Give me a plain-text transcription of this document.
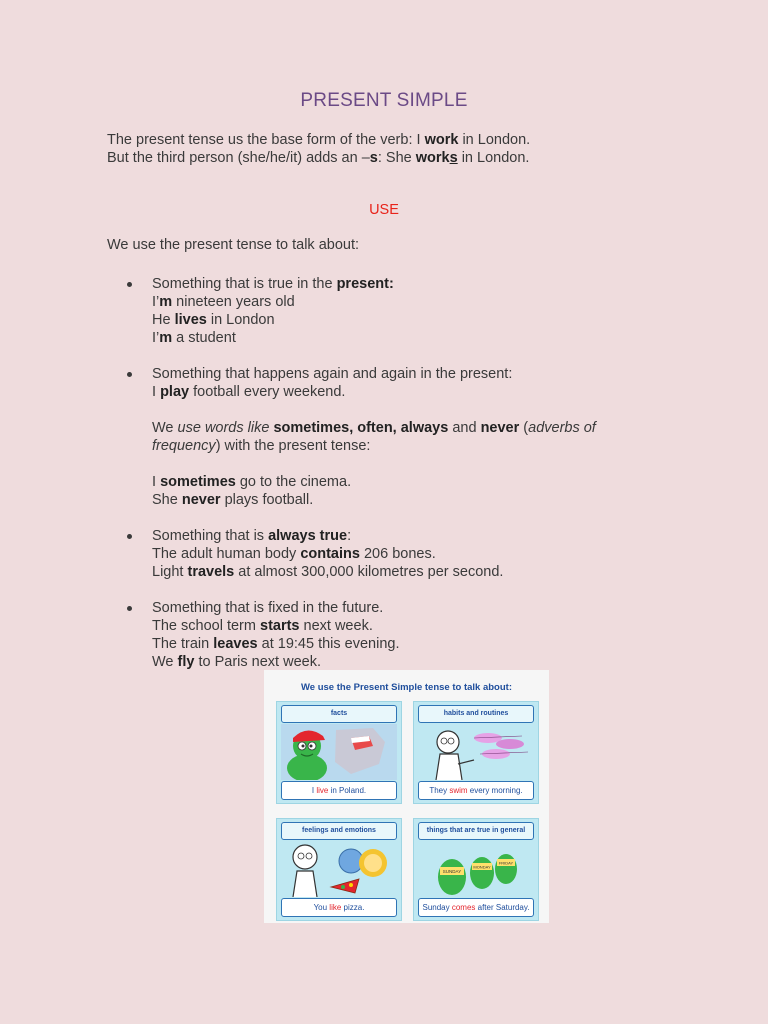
PRESENT SIMPLE
The present tense us the base form of the verb: I work in London.
But the third person (she/he/it) adds an –s: She works in London.
USE
We use the present tense to talk about:
Something that is true in the present:
I’m nineteen years old
He lives in London
I’m a student
Something that happens again and again in the present:
I play football every weekend.
We use words like sometimes, often, always and never (adverbs of frequency) with the present tense:
I sometimes go to the cinema.
She never plays football.
Something that is always true:
The adult human body contains 206 bones.
Light travels at almost 300,000 kilometres per second.
Something that is fixed in the future.
The school term starts next week.
The train leaves at 19:45 this evening.
We fly to Paris next week.
We use the Present Simple tense to talk about:
facts
I live in Poland.
habits and routines
They swim every morning.
feelings and emotions
You like pizza.
things that are true in general
SUNDAY
MONDAY
FRIDAY
Sunday comes after Saturday.
